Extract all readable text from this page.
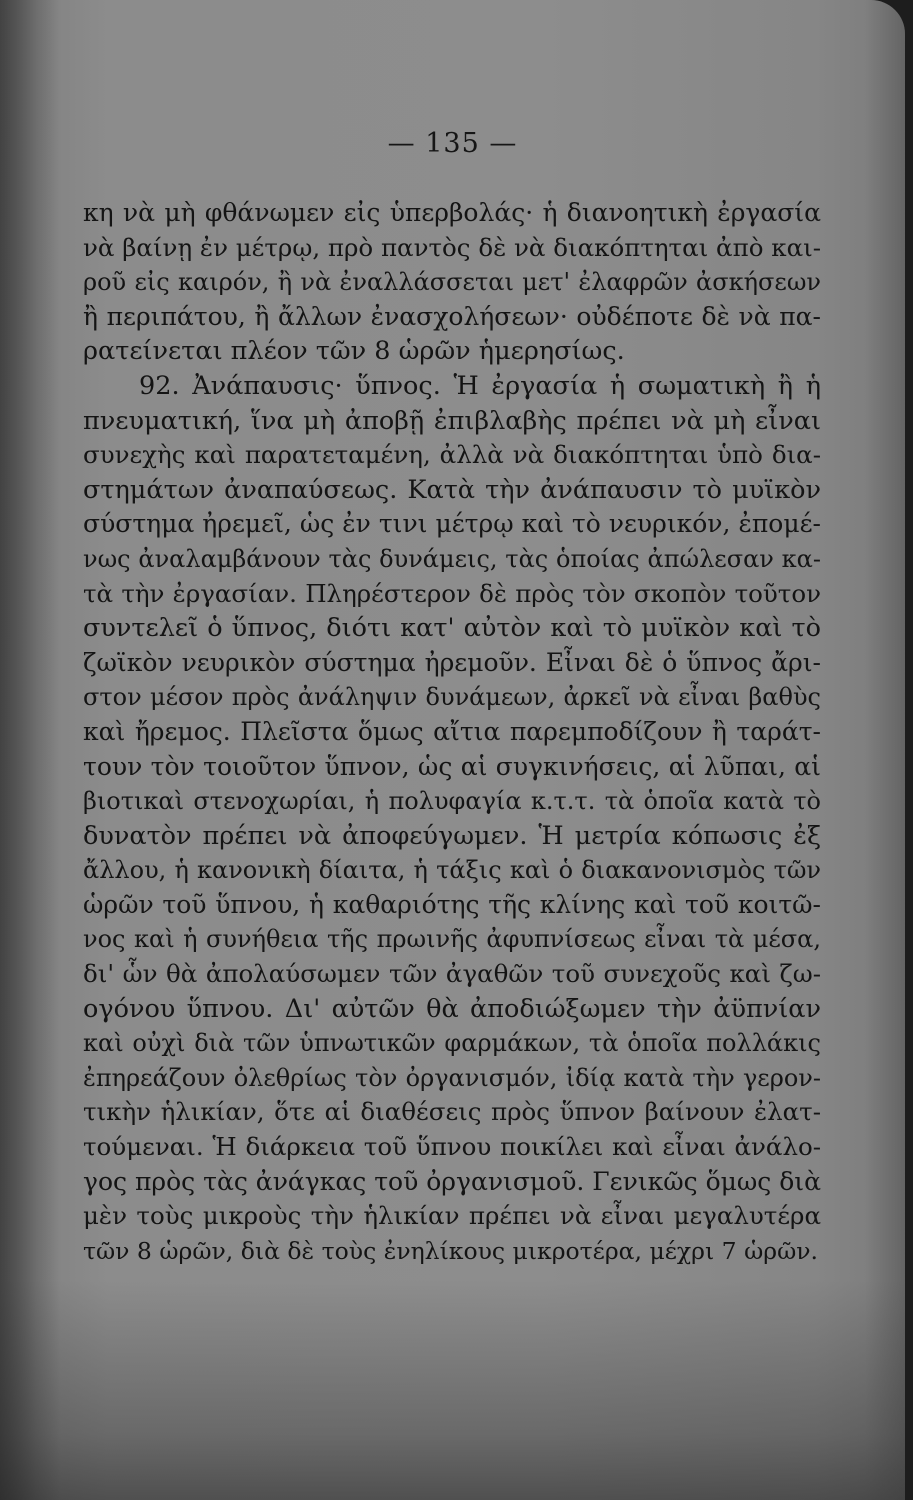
— 135 —
κη νὰ μὴ φθάνωμεν εἰς ὑπερβολάς· ἡ διανοητικὴ ἐργασία
νὰ βαίνῃ ἐν μέτρῳ, πρὸ παντὸς δὲ νὰ διακόπτηται ἀπὸ και-
ροῦ εἰς καιρόν, ἢ νὰ ἐναλλάσσεται μετ' ἐλαφρῶν ἀσκήσεων
ἢ περιπάτου, ἢ ἄλλων ἐνασχολήσεων· οὐδέποτε δὲ νὰ πα-
ρατείνεται πλέον τῶν 8 ὡρῶν ἡμερησίως.
92. Ἀνάπαυσις· ὕπνος. Ἡ ἐργασία ἡ σωματικὴ ἢ ἡ
πνευματική, ἵνα μὴ ἀποβῇ ἐπιβλαβὴς πρέπει νὰ μὴ εἶναι
συνεχὴς καὶ παρατεταμένη, ἀλλὰ νὰ διακόπτηται ὑπὸ δια-
στημάτων ἀναπαύσεως. Κατὰ τὴν ἀνάπαυσιν τὸ μυϊκὸν
σύστημα ἠρεμεῖ, ὡς ἐν τινι μέτρῳ καὶ τὸ νευρικόν, ἐπομέ-
νως ἀναλαμβάνουν τὰς δυνάμεις, τὰς ὁποίας ἀπώλεσαν κα-
τὰ τὴν ἐργασίαν. Πληρέστερον δὲ πρὸς τὸν σκοπὸν τοῦτον
συντελεῖ ὁ ὕπνος, διότι κατ' αὐτὸν καὶ τὸ μυϊκὸν καὶ τὸ
ζωϊκὸν νευρικὸν σύστημα ἠρεμοῦν. Εἶναι δὲ ὁ ὕπνος ἄρι-
στον μέσον πρὸς ἀνάληψιν δυνάμεων, ἀρκεῖ νὰ εἶναι βαθὺς
καὶ ἤρεμος. Πλεῖστα ὅμως αἴτια παρεμποδίζουν ἢ ταράτ-
τουν τὸν τοιοῦτον ὕπνον, ὡς αἱ συγκινήσεις, αἱ λῦπαι, αἱ
βιοτικαὶ στενοχωρίαι, ἡ πολυφαγία κ.τ.τ. τὰ ὁποῖα κατὰ τὸ
δυνατὸν πρέπει νὰ ἀποφεύγωμεν. Ἡ μετρία κόπωσις ἐξ
ἄλλου, ἡ κανονικὴ δίαιτα, ἡ τάξις καὶ ὁ διακανονισμὸς τῶν
ὡρῶν τοῦ ὕπνου, ἡ καθαριότης τῆς κλίνης καὶ τοῦ κοιτῶ-
νος καὶ ἡ συνήθεια τῆς πρωινῆς ἀφυπνίσεως εἶναι τὰ μέσα,
δι' ὧν θὰ ἀπολαύσωμεν τῶν ἀγαθῶν τοῦ συνεχοῦς καὶ ζω-
ογόνου ὕπνου. Δι' αὐτῶν θὰ ἀποδιώξωμεν τὴν ἀϋπνίαν
καὶ οὐχὶ διὰ τῶν ὑπνωτικῶν φαρμάκων, τὰ ὁποῖα πολλάκις
ἐπηρεάζουν ὀλεθρίως τὸν ὀργανισμόν, ἰδίᾳ κατὰ τὴν γερον-
τικὴν ἡλικίαν, ὅτε αἱ διαθέσεις πρὸς ὕπνον βαίνουν ἐλατ-
τούμεναι. Ἡ διάρκεια τοῦ ὕπνου ποικίλει καὶ εἶναι ἀνάλο-
γος πρὸς τὰς ἀνάγκας τοῦ ὀργανισμοῦ. Γενικῶς ὅμως διὰ
μὲν τοὺς μικροὺς τὴν ἡλικίαν πρέπει νὰ εἶναι μεγαλυτέρα
τῶν 8 ὡρῶν, διὰ δὲ τοὺς ἐνηλίκους μικροτέρα, μέχρι 7 ὡρῶν.
